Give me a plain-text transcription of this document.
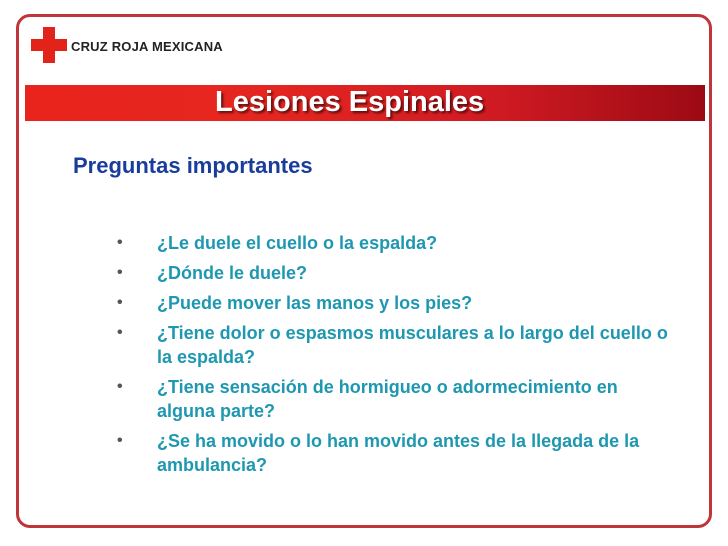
CRUZ ROJA MEXICANA
Lesiones Espinales
Preguntas importantes
• ¿Le duele el cuello o la espalda?
• ¿Dónde le duele?
• ¿Puede mover las manos y los pies?
• ¿Tiene dolor o espasmos musculares a lo largo del cuello o la espalda?
• ¿Tiene sensación de hormigueo o adormecimiento en alguna parte?
• ¿Se ha movido o lo han movido antes de la llegada de la ambulancia?
